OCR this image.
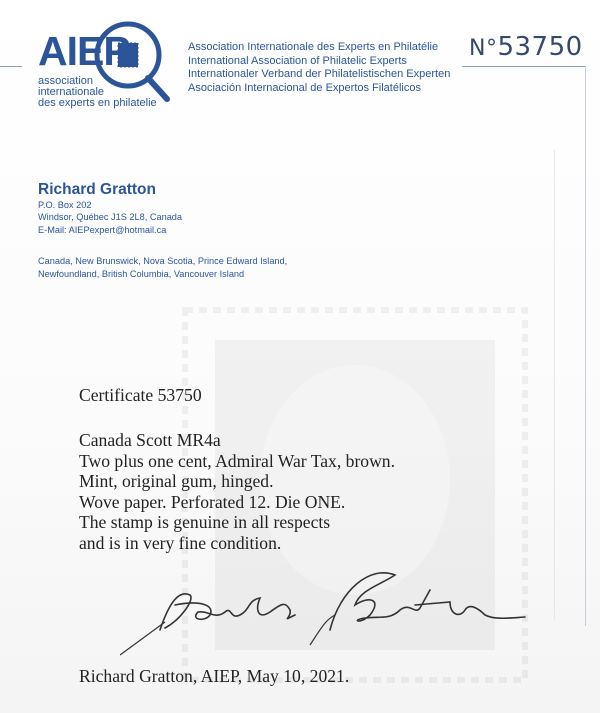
AIEP
association
internationale
des experts en philatelie
Association Internationale des Experts en Philatélie
International Association of Philatelic Experts
Internationaler Verband der Philatelistischen Experten
Asociación Internacional de Expertos Filatélicos
N°53750
Richard Gratton
P.O. Box 202
Windsor, Québec J1S 2L8, Canada
E-Mail: AIEPexpert@hotmail.ca
Canada, New Brunswick, Nova Scotia, Prince Edward Island,
Newfoundland, British Columbia, Vancouver Island
Certificate 53750
Canada Scott MR4a
Two plus one cent, Admiral War Tax, brown.
Mint, original gum, hinged.
Wove paper. Perforated 12. Die ONE.
The stamp is genuine in all respects
and is in very fine condition.
Richard Gratton, AIEP, May 10, 2021.
